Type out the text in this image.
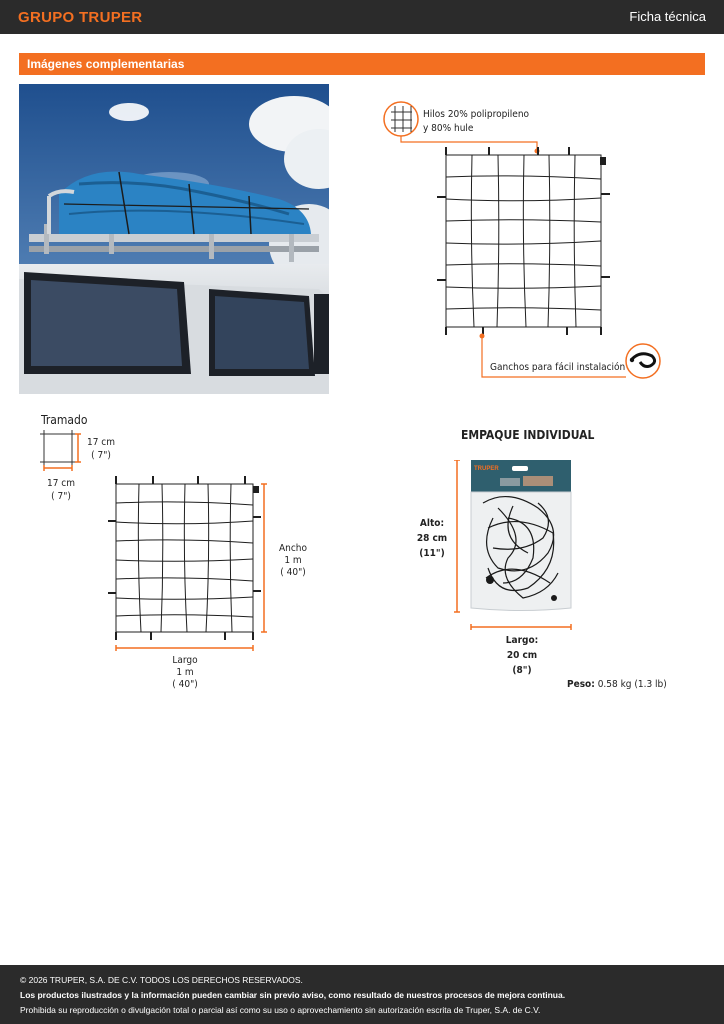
GRUPO TRUPER	Ficha técnica
Imágenes complementarias
Hilos 20% polipropileno
y 80% hule
Ganchos para fácil instalación
Tramado
17 cm
( 7")
17 cm
( 7")
Ancho
1 m
( 40")
Largo
1 m
( 40")
EMPAQUE INDIVIDUAL
TRUPER
Alto:
28 cm
(11")
Largo:
20 cm
(8")
Peso: 0.58 kg (1.3 lb)
© 2026 TRUPER, S.A. DE C.V. TODOS LOS DERECHOS RESERVADOS.
Los productos ilustrados y la información pueden cambiar sin previo aviso, como resultado de nuestros procesos de mejora continua.
Prohibida su reproducción o divulgación total o parcial así como su uso o aprovechamiento sin autorización escrita de Truper, S.A. de C.V.
